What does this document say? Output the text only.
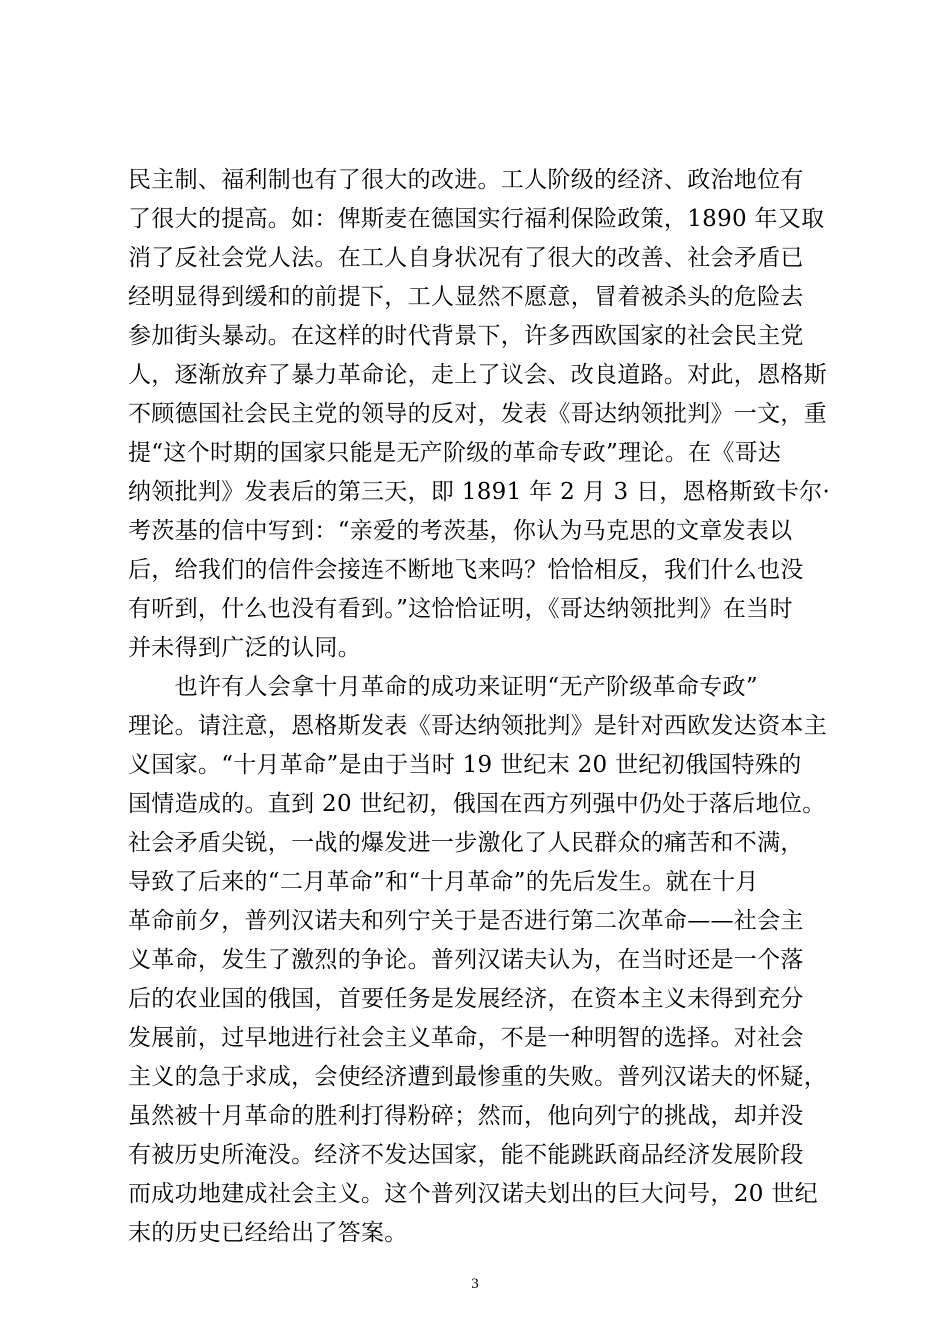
民主制、福利制也有了很大的改进。工人阶级的经济、政治地位有
了很大的提高。如：俾斯麦在德国实行福利保险政策，1890 年又取
消了反社会党人法。在工人自身状况有了很大的改善、社会矛盾已
经明显得到缓和的前提下，工人显然不愿意，冒着被杀头的危险去
参加街头暴动。在这样的时代背景下，许多西欧国家的社会民主党
人，逐渐放弃了暴力革命论，走上了议会、改良道路。对此，恩格斯
不顾德国社会民主党的领导的反对，发表《哥达纳领批判》一文，重
提“这个时期的国家只能是无产阶级的革命专政”理论。在《哥达
纳领批判》发表后的第三天，即 1891 年 2 月 3 日，恩格斯致卡尔·
考茨基的信中写到：“亲爱的考茨基，你认为马克思的文章发表以
后，给我们的信件会接连不断地飞来吗？恰恰相反，我们什么也没
有听到，什么也没有看到。”这恰恰证明，《哥达纳领批判》在当时
并未得到广泛的认同。
　　也许有人会拿十月革命的成功来证明“无产阶级革命专政”
理论。请注意，恩格斯发表《哥达纳领批判》是针对西欧发达资本主
义国家。“十月革命”是由于当时 19 世纪末 20 世纪初俄国特殊的
国情造成的。直到 20 世纪初，俄国在西方列强中仍处于落后地位。
社会矛盾尖锐，一战的爆发进一步激化了人民群众的痛苦和不满，
导致了后来的“二月革命”和“十月革命”的先后发生。就在十月
革命前夕，普列汉诺夫和列宁关于是否进行第二次革命——社会主
义革命，发生了激烈的争论。普列汉诺夫认为，在当时还是一个落
后的农业国的俄国，首要任务是发展经济，在资本主义未得到充分
发展前，过早地进行社会主义革命，不是一种明智的选择。对社会
主义的急于求成，会使经济遭到最惨重的失败。普列汉诺夫的怀疑，
虽然被十月革命的胜利打得粉碎；然而，他向列宁的挑战，却并没
有被历史所淹没。经济不发达国家，能不能跳跃商品经济发展阶段
而成功地建成社会主义。这个普列汉诺夫划出的巨大问号，20 世纪
末的历史已经给出了答案。
3
